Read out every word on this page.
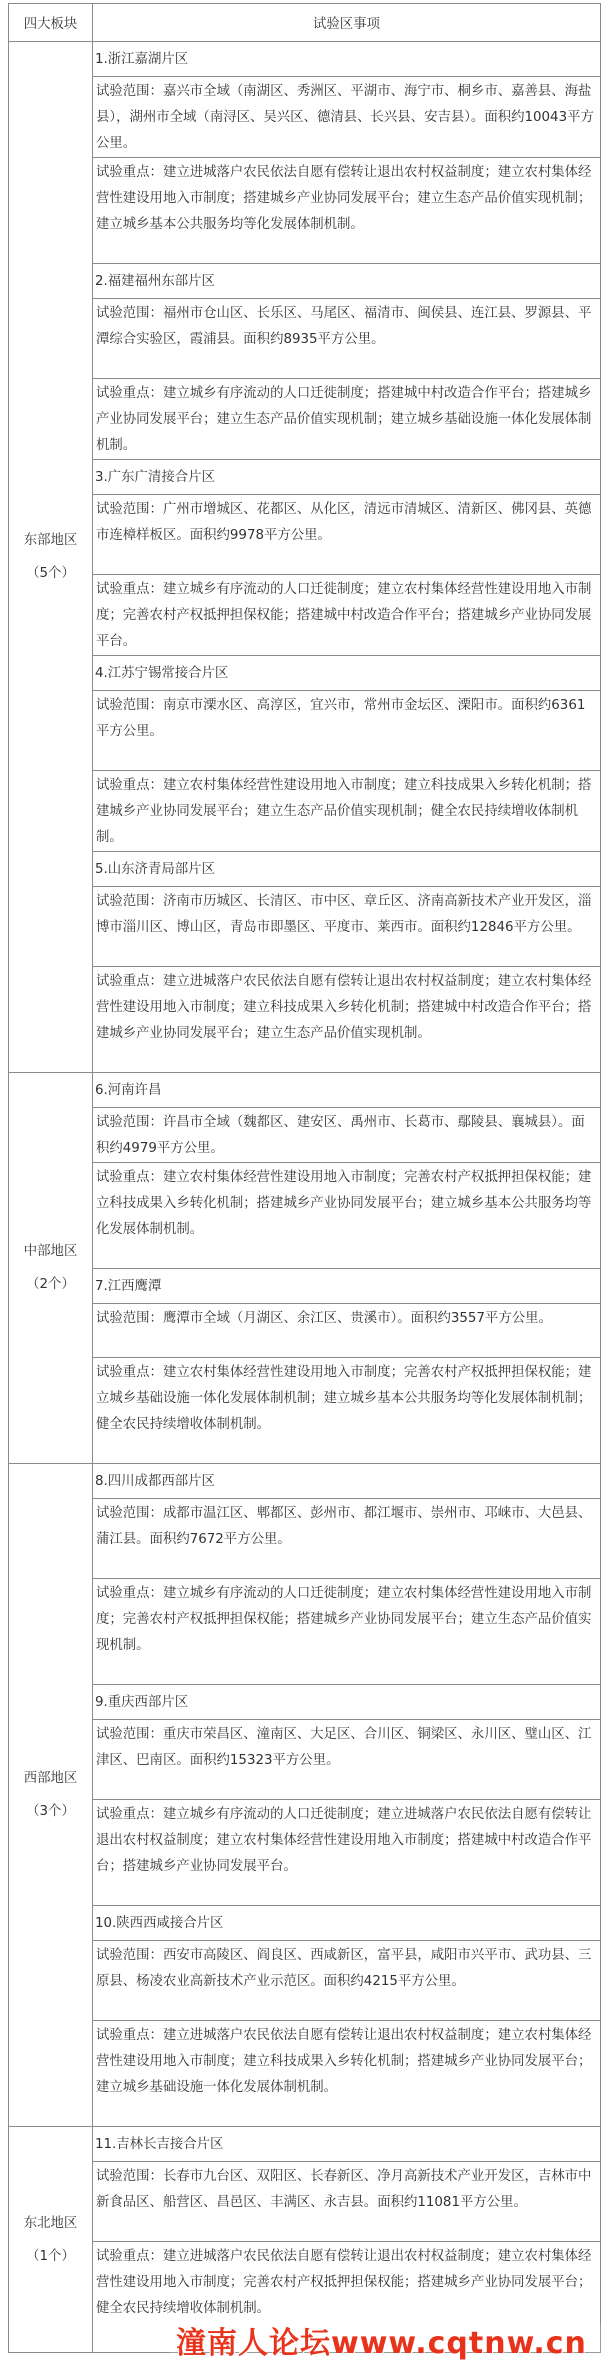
四大板块	试验区事项

东部地区
（5个）	1.浙江嘉湖片区
	试验范围：嘉兴市全域（南湖区、秀洲区、平湖市、海宁市、桐乡市、嘉善县、海盐县），湖州市全域（南浔区、吴兴区、德清县、长兴县、安吉县）。面积约10043平方公里。
	试验重点：建立进城落户农民依法自愿有偿转让退出农村权益制度；建立农村集体经营性建设用地入市制度；搭建城乡产业协同发展平台；建立生态产品价值实现机制；建立城乡基本公共服务均等化发展体制机制。
	2.福建福州东部片区
	试验范围：福州市仓山区、长乐区、马尾区、福清市、闽侯县、连江县、罗源县、平潭综合实验区，霞浦县。面积约8935平方公里。
	试验重点：建立城乡有序流动的人口迁徙制度；搭建城中村改造合作平台；搭建城乡产业协同发展平台；建立生态产品价值实现机制；建立城乡基础设施一体化发展体制机制。
	3.广东广清接合片区
	试验范围：广州市增城区、花都区、从化区，清远市清城区、清新区、佛冈县、英德市连樟样板区。面积约9978平方公里。
	试验重点：建立城乡有序流动的人口迁徙制度；建立农村集体经营性建设用地入市制度；完善农村产权抵押担保权能；搭建城中村改造合作平台；搭建城乡产业协同发展平台。
	4.江苏宁锡常接合片区
	试验范围：南京市溧水区、高淳区，宜兴市，常州市金坛区、溧阳市。面积约6361平方公里。
	试验重点：建立农村集体经营性建设用地入市制度；建立科技成果入乡转化机制；搭建城乡产业协同发展平台；建立生态产品价值实现机制；健全农民持续增收体制机制。
	5.山东济青局部片区
	试验范围：济南市历城区、长清区、市中区、章丘区、济南高新技术产业开发区，淄博市淄川区、博山区，青岛市即墨区、平度市、莱西市。面积约12846平方公里。
	试验重点：建立进城落户农民依法自愿有偿转让退出农村权益制度；建立农村集体经营性建设用地入市制度；建立科技成果入乡转化机制；搭建城中村改造合作平台；搭建城乡产业协同发展平台；建立生态产品价值实现机制。

中部地区
（2个）	6.河南许昌
	试验范围：许昌市全域（魏都区、建安区、禹州市、长葛市、鄢陵县、襄城县）。面积约4979平方公里。
	试验重点：建立农村集体经营性建设用地入市制度；完善农村产权抵押担保权能；建立科技成果入乡转化机制；搭建城乡产业协同发展平台；建立城乡基本公共服务均等化发展体制机制。
	7.江西鹰潭
	试验范围：鹰潭市全域（月湖区、余江区、贵溪市）。面积约3557平方公里。
	试验重点：建立农村集体经营性建设用地入市制度；完善农村产权抵押担保权能；建立城乡基础设施一体化发展体制机制；建立城乡基本公共服务均等化发展体制机制；健全农民持续增收体制机制。

西部地区
（3个）	8.四川成都西部片区
	试验范围：成都市温江区、郫都区、彭州市、都江堰市、崇州市、邛崃市、大邑县、蒲江县。面积约7672平方公里。
	试验重点：建立城乡有序流动的人口迁徙制度；建立农村集体经营性建设用地入市制度；完善农村产权抵押担保权能；搭建城乡产业协同发展平台；建立生态产品价值实现机制。
	9.重庆西部片区
	试验范围：重庆市荣昌区、潼南区、大足区、合川区、铜梁区、永川区、璧山区、江津区、巴南区。面积约15323平方公里。
	试验重点：建立城乡有序流动的人口迁徙制度；建立进城落户农民依法自愿有偿转让退出农村权益制度；建立农村集体经营性建设用地入市制度；搭建城中村改造合作平台；搭建城乡产业协同发展平台。
	10.陕西西咸接合片区
	试验范围：西安市高陵区、阎良区、西咸新区，富平县，咸阳市兴平市、武功县、三原县、杨凌农业高新技术产业示范区。面积约4215平方公里。
	试验重点：建立进城落户农民依法自愿有偿转让退出农村权益制度；建立农村集体经营性建设用地入市制度；建立科技成果入乡转化机制；搭建城乡产业协同发展平台；建立城乡基础设施一体化发展体制机制。

东北地区
（1个）	11.吉林长吉接合片区
	试验范围：长春市九台区、双阳区、长春新区、净月高新技术产业开发区，吉林市中新食品区、船营区、昌邑区、丰满区、永吉县。面积约11081平方公里。
	试验重点：建立进城落户农民依法自愿有偿转让退出农村权益制度；建立农村集体经营性建设用地入市制度；完善农村产权抵押担保权能；搭建城乡产业协同发展平台；健全农民持续增收体制机制。
潼南人论坛www.cqtnw.cn
